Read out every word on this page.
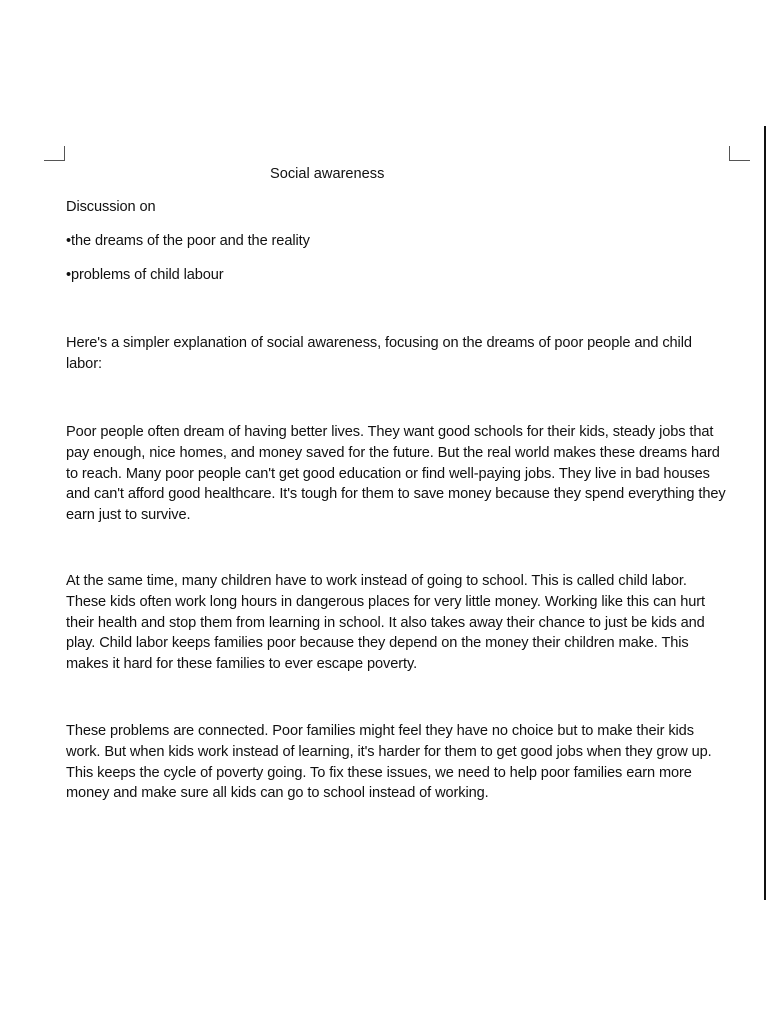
Social awareness

Discussion on

•the dreams of the poor and the reality

•problems of child labour

Here's a simpler explanation of social awareness, focusing on the dreams of poor people and child labor:

Poor people often dream of having better lives. They want good schools for their kids, steady jobs that pay enough, nice homes, and money saved for the future. But the real world makes these dreams hard to reach. Many poor people can't get good education or find well-paying jobs. They live in bad houses and can't afford good healthcare. It's tough for them to save money because they spend everything they earn just to survive.

At the same time, many children have to work instead of going to school. This is called child labor. These kids often work long hours in dangerous places for very little money. Working like this can hurt their health and stop them from learning in school. It also takes away their chance to just be kids and play. Child labor keeps families poor because they depend on the money their children make. This makes it hard for these families to ever escape poverty.

These problems are connected. Poor families might feel they have no choice but to make their kids work. But when kids work instead of learning, it's harder for them to get good jobs when they grow up. This keeps the cycle of poverty going. To fix these issues, we need to help poor families earn more money and make sure all kids can go to school instead of working.
